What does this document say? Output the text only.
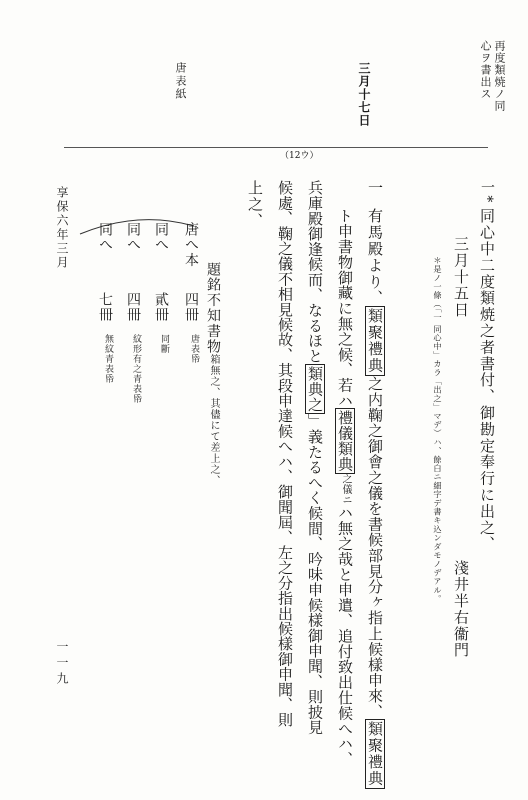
再度類焼ノ同
心ヲ書出ス
三月十七日
唐表紙
（12ウ）
一*
同心中二度類焼之者書付、御勘定奉行に出之、
三月十五日
＊是ノ一條（「一 同心中」カラ「出之」マデ）ハ、餘白ニ細字デ書キ込ンダモノデアル。
淺井半右衞門
一
有馬殿より、類聚禮典之内鞠之御會之儀を書候部見分ヶ指上候樣申來、類聚禮典
ト申書物御藏に無之候、若ハ禮儀類典之儀ニハ無之哉と申遣、追付致出仕候へハ、
兵庫殿御逢候而、なるほと類典之」義たるへく候間、吟味申候樣御申聞、則披見
候處、鞠之儀不相見候故、其段申達候へハ、御聞屆、左之分指出候樣御申聞、則
上之、
題銘不知書物箱無之、其儘にて差上之、
唐へ本
四冊
唐表帋
同へ
貳冊
同斷
同へ
四冊
紋形有之青表帋
同へ
七冊
無紋青表帋
享保六年三月
一一九
